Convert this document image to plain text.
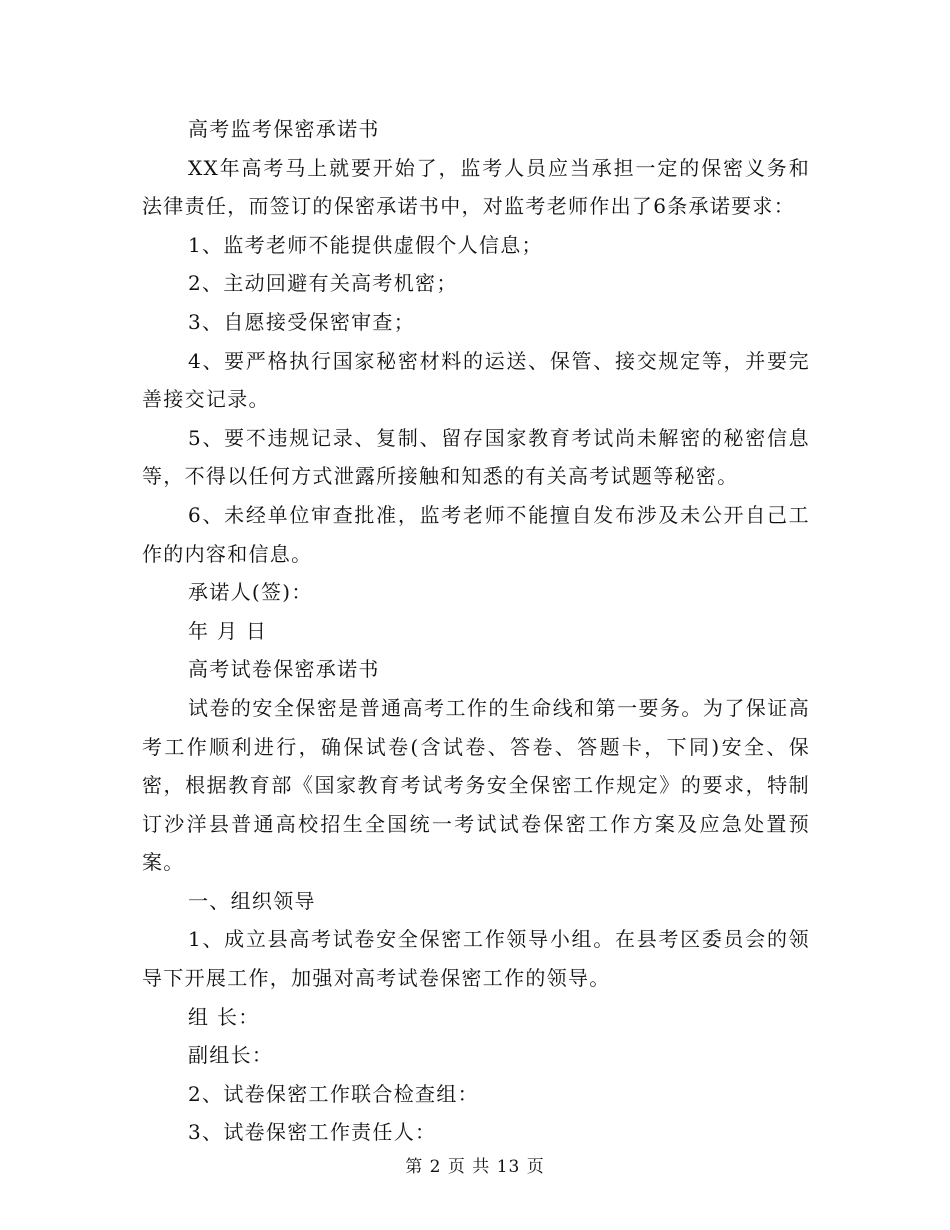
高考监考保密承诺书

XX年高考马上就要开始了，监考人员应当承担一定的保密义务和法律责任，而签订的保密承诺书中，对监考老师作出了6条承诺要求：

1、监考老师不能提供虚假个人信息；

2、主动回避有关高考机密；

3、自愿接受保密审查；

4、要严格执行国家秘密材料的运送、保管、接交规定等，并要完善接交记录。

5、要不违规记录、复制、留存国家教育考试尚未解密的秘密信息等，不得以任何方式泄露所接触和知悉的有关高考试题等秘密。

6、未经单位审查批准，监考老师不能擅自发布涉及未公开自己工作的内容和信息。

承诺人(签)：

年 月 日

高考试卷保密承诺书

试卷的安全保密是普通高考工作的生命线和第一要务。为了保证高考工作顺利进行，确保试卷(含试卷、答卷、答题卡，下同)安全、保密，根据教育部《国家教育考试考务安全保密工作规定》的要求，特制订沙洋县普通高校招生全国统一考试试卷保密工作方案及应急处置预案。

一、组织领导

1、成立县高考试卷安全保密工作领导小组。在县考区委员会的领导下开展工作，加强对高考试卷保密工作的领导。

组 长：

副组长：

2、试卷保密工作联合检查组：

3、试卷保密工作责任人：

第 2 页 共 13 页
